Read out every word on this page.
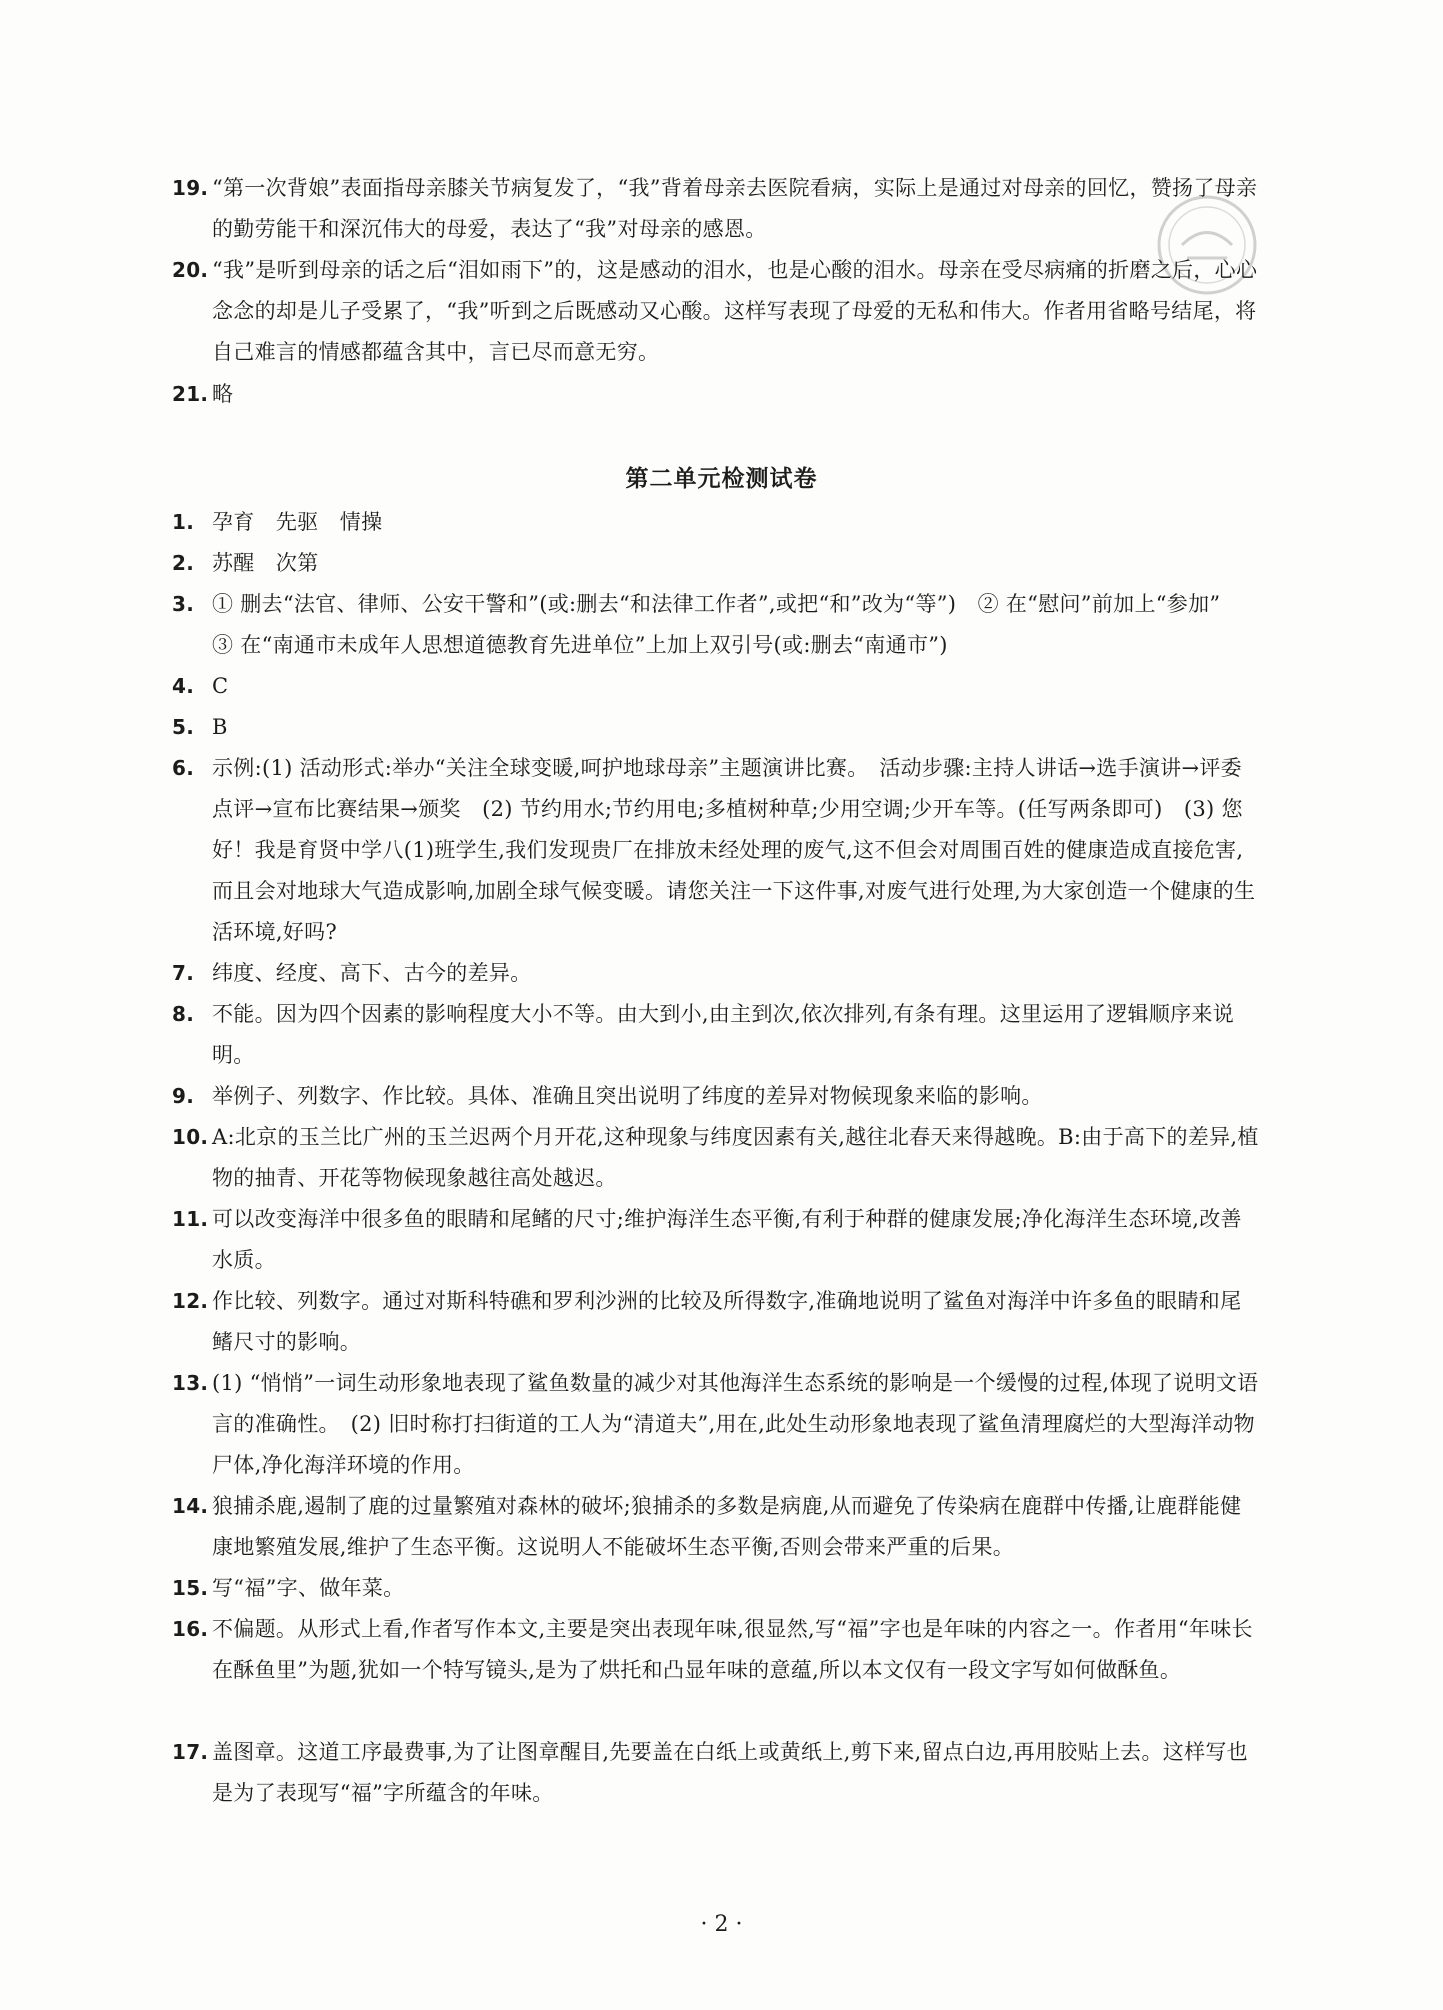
19. “第一次背娘”表面指母亲膝关节病复发了，“我”背着母亲去医院看病，实际上是通过对母亲的回忆，赞扬了母亲的勤劳能干和深沉伟大的母爱，表达了“我”对母亲的感恩。
20. “我”是听到母亲的话之后“泪如雨下”的，这是感动的泪水，也是心酸的泪水。母亲在受尽病痛的折磨之后，心心念念的却是儿子受累了，“我”听到之后既感动又心酸。这样写表现了母爱的无私和伟大。作者用省略号结尾，将自己难言的情感都蕴含其中，言已尽而意无穷。
21. 略
第二单元检测试卷
1. 孕育　先驱　情操
2. 苏醒　次第
3. ① 删去“法官、律师、公安干警和”(或:删去“和法律工作者”,或把“和”改为“等”)　② 在“慰问”前加上“参加”　③ 在“南通市未成年人思想道德教育先进单位”上加上双引号(或:删去“南通市”)
4. C
5. B
6. 示例:(1) 活动形式:举办“关注全球变暖,呵护地球母亲”主题演讲比赛。　活动步骤:主持人讲话→选手演讲→评委点评→宣布比赛结果→颁奖　(2) 节约用水;节约用电;多植树种草;少用空调;少开车等。(任写两条即可)　(3) 您好！我是育贤中学八(1)班学生,我们发现贵厂在排放未经处理的废气,这不但会对周围百姓的健康造成直接危害,而且会对地球大气造成影响,加剧全球气候变暖。请您关注一下这件事,对废气进行处理,为大家创造一个健康的生活环境,好吗?
7. 纬度、经度、高下、古今的差异。
8. 不能。因为四个因素的影响程度大小不等。由大到小,由主到次,依次排列,有条有理。这里运用了逻辑顺序来说明。
9. 举例子、列数字、作比较。具体、准确且突出说明了纬度的差异对物候现象来临的影响。
10. A:北京的玉兰比广州的玉兰迟两个月开花,这种现象与纬度因素有关,越往北春天来得越晚。B:由于高下的差异,植物的抽青、开花等物候现象越往高处越迟。
11. 可以改变海洋中很多鱼的眼睛和尾鳍的尺寸;维护海洋生态平衡,有利于种群的健康发展;净化海洋生态环境,改善水质。
12. 作比较、列数字。通过对斯科特礁和罗利沙洲的比较及所得数字,准确地说明了鲨鱼对海洋中许多鱼的眼睛和尾鳍尺寸的影响。
13. (1) “悄悄”一词生动形象地表现了鲨鱼数量的减少对其他海洋生态系统的影响是一个缓慢的过程,体现了说明文语言的准确性。　(2) 旧时称打扫街道的工人为“清道夫”,用在,此处生动形象地表现了鲨鱼清理腐烂的大型海洋动物尸体,净化海洋环境的作用。
14. 狼捕杀鹿,遏制了鹿的过量繁殖对森林的破坏;狼捕杀的多数是病鹿,从而避免了传染病在鹿群中传播,让鹿群能健康地繁殖发展,维护了生态平衡。这说明人不能破坏生态平衡,否则会带来严重的后果。
15. 写“福”字、做年菜。
16. 不偏题。从形式上看,作者写作本文,主要是突出表现年味,很显然,写“福”字也是年味的内容之一。作者用“年味长在酥鱼里”为题,犹如一个特写镜头,是为了烘托和凸显年味的意蕴,所以本文仅有一段文字写如何做酥鱼。
17. 盖图章。这道工序最费事,为了让图章醒目,先要盖在白纸上或黄纸上,剪下来,留点白边,再用胶贴上去。这样写也是为了表现写“福”字所蕴含的年味。
· 2 ·
